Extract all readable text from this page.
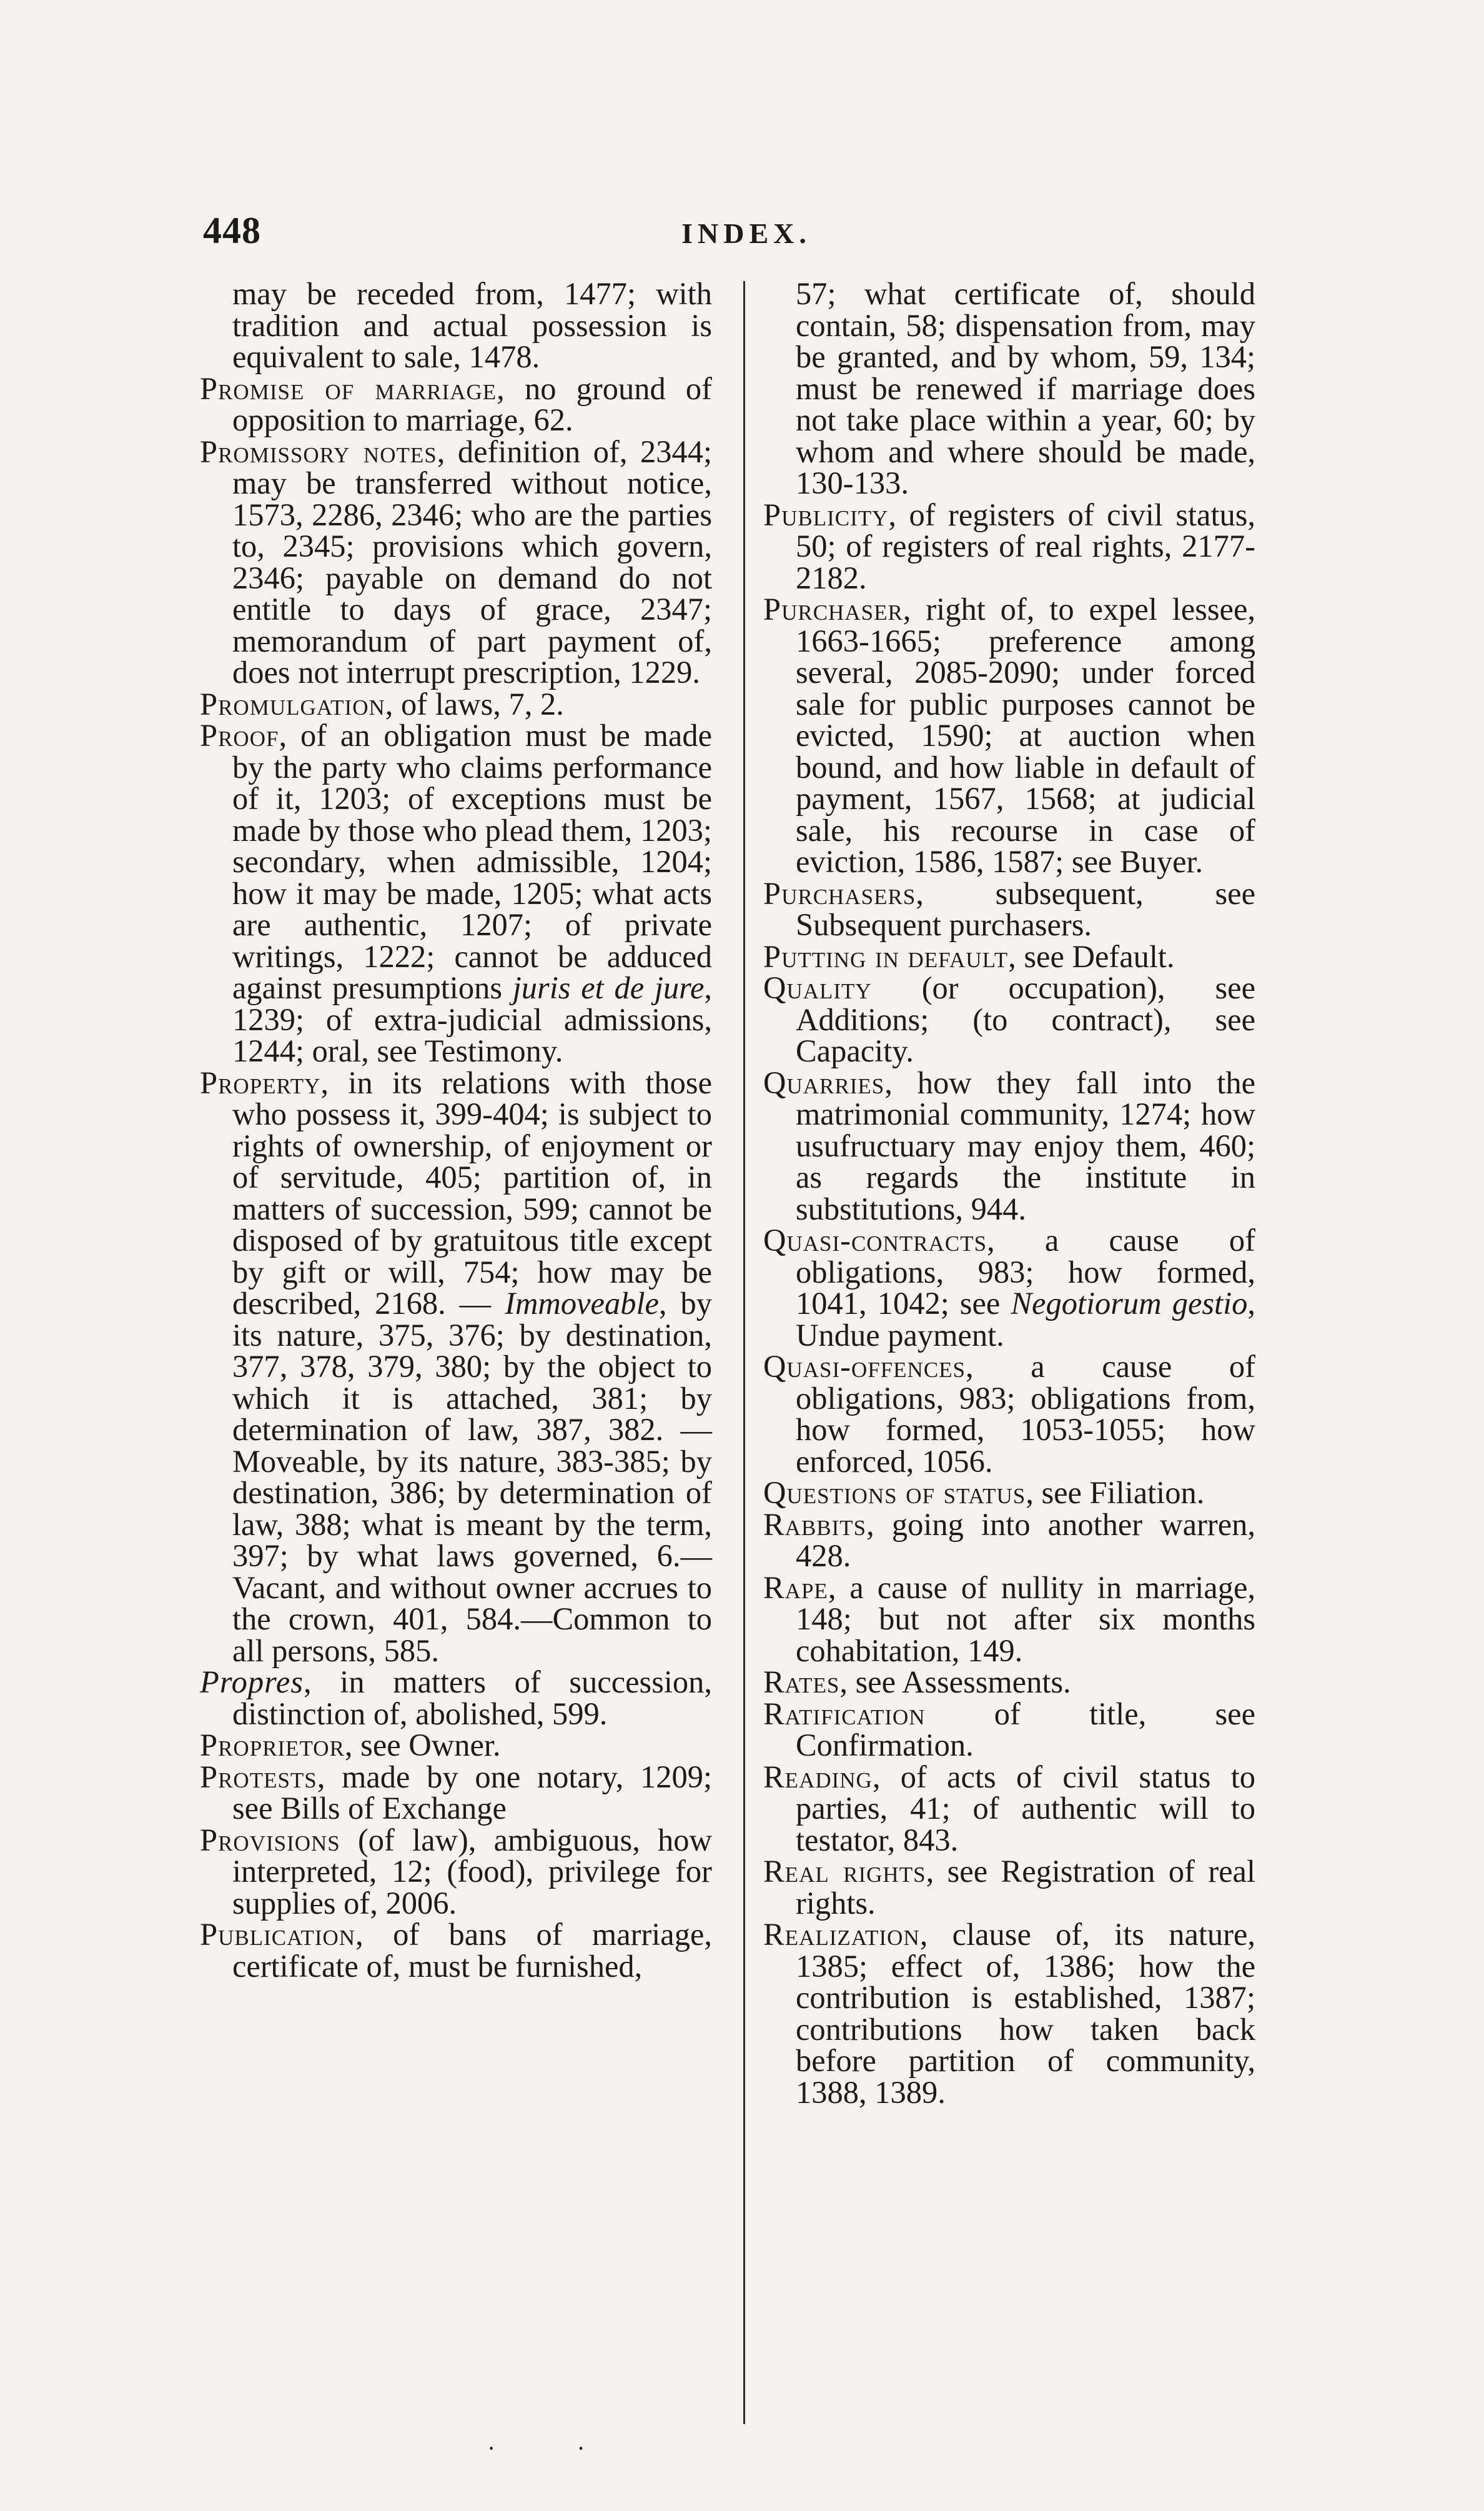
448	INDEX.

may be receded from, 1477; with tradition and actual possession is equivalent to sale, 1478.

Promise of marriage, no ground of opposition to marriage, 62.

Promissory notes, definition of, 2344; may be transferred without notice, 1573, 2286, 2346; who are the parties to, 2345; provisions which govern, 2346; payable on demand do not entitle to days of grace, 2347; memorandum of part payment of, does not interrupt prescription, 1229.

Promulgation, of laws, 7, 2.

Proof, of an obligation must be made by the party who claims performance of it, 1203; of exceptions must be made by those who plead them, 1203; secondary, when admissible, 1204; how it may be made, 1205; what acts are authentic, 1207; of private writings, 1222; cannot be adduced against presumptions juris et de jure, 1239; of extra-judicial admissions, 1244; oral, see Testimony.

Property, in its relations with those who possess it, 399-404; is subject to rights of ownership, of enjoyment or of servitude, 405; partition of, in matters of succession, 599; cannot be disposed of by gratuitous title except by gift or will, 754; how may be described, 2168. — Immoveable, by its nature, 375, 376; by destination, 377, 378, 379, 380; by the object to which it is attached, 381; by determination of law, 387, 382. — Moveable, by its nature, 383-385; by destination, 386; by determination of law, 388; what is meant by the term, 397; by what laws governed, 6.—Vacant, and without owner accrues to the crown, 401, 584.—Common to all persons, 585.

Propres, in matters of succession, distinction of, abolished, 599.

Proprietor, see Owner.

Protests, made by one notary, 1209; see Bills of Exchange

Provisions (of law), ambiguous, how interpreted, 12; (food), privilege for supplies of, 2006.

Publication, of bans of marriage, certificate of, must be furnished,

57; what certificate of, should contain, 58; dispensation from, may be granted, and by whom, 59, 134; must be renewed if marriage does not take place within a year, 60; by whom and where should be made, 130-133.

Publicity, of registers of civil status, 50; of registers of real rights, 2177-2182.

Purchaser, right of, to expel lessee, 1663-1665; preference among several, 2085-2090; under forced sale for public purposes cannot be evicted, 1590; at auction when bound, and how liable in default of payment, 1567, 1568; at judicial sale, his recourse in case of eviction, 1586, 1587; see Buyer.

Purchasers, subsequent, see Subsequent purchasers.

Putting in default, see Default.

Quality (or occupation), see Additions; (to contract), see Capacity.

Quarries, how they fall into the matrimonial community, 1274; how usufructuary may enjoy them, 460; as regards the institute in substitutions, 944.

Quasi-contracts, a cause of obligations, 983; how formed, 1041, 1042; see Negotiorum gestio, Undue payment.

Quasi-offences, a cause of obligations, 983; obligations from, how formed, 1053-1055; how enforced, 1056.

Questions of status, see Filiation.

Rabbits, going into another warren, 428.

Rape, a cause of nullity in marriage, 148; but not after six months cohabitation, 149.

Rates, see Assessments.

Ratification of title, see Confirmation.

Reading, of acts of civil status to parties, 41; of authentic will to testator, 843.

Real rights, see Registration of real rights.

Realization, clause of, its nature, 1385; effect of, 1386; how the contribution is established, 1387; contributions how taken back before partition of community, 1388, 1389.

· ·
